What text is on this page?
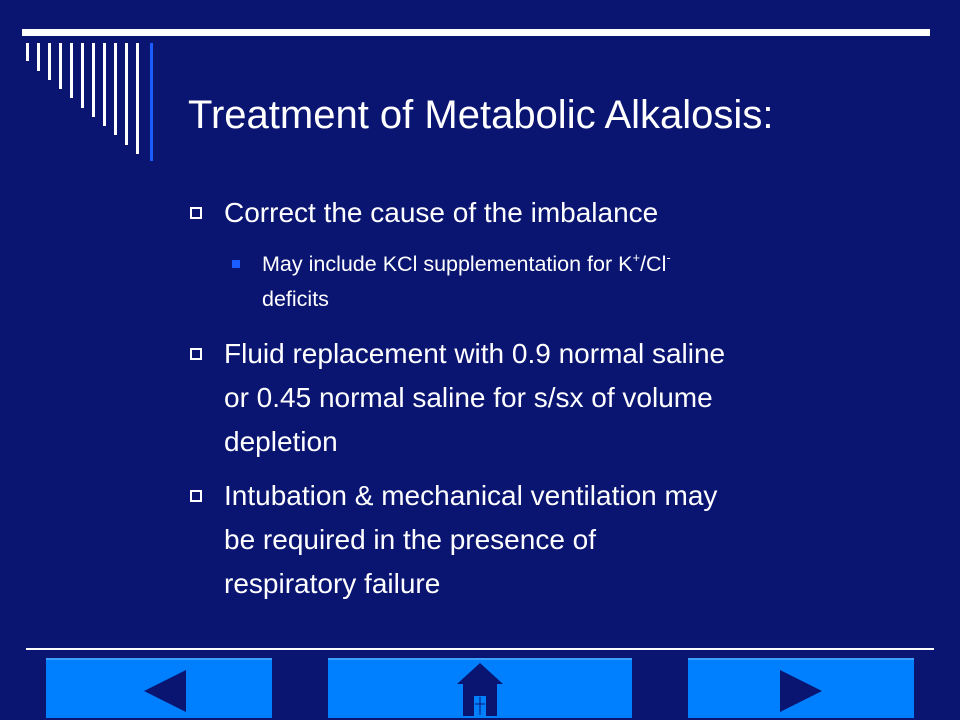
Treatment of Metabolic Alkalosis:
Correct the cause of the imbalance
May include KCl supplementation for K+/Cl-
deficits
Fluid replacement with 0.9 normal saline
or 0.45 normal saline for s/sx of volume
depletion
Intubation & mechanical ventilation may
be required in the presence of
respiratory failure
